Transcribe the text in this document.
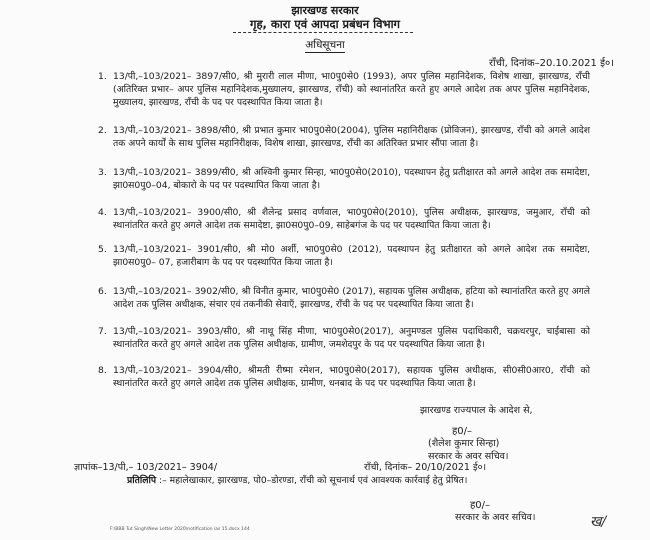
झारखण्ड सरकार
गृह, कारा एवं आपदा प्रबंधन विभाग
अधिसूचना
राँची, दिनांक–20.10.2021 ई०।
1. 13/पी,–103/2021– 3897/सी0, श्री मुरारी लाल मीणा, भा0पु0से0 (1993), अपर पुलिस महानिदेशक, विशेष शाखा, झारखण्ड, राँची (अतिरिक्त प्रभार– अपर पुलिस महानिदेशक,मुख्यालय, झारखण्ड, राँची) को स्थानांतरित करते हुए अगले आदेश तक अपर पुलिस महानिदेशक, मुख्यालय, झारखण्ड, राँची के पद पर पदस्थापित किया जाता है।
2. 13/पी,–103/2021– 3898/सी0, श्री प्रभात कुमार भा0पु0से0(2004), पुलिस महानिरीक्षक (प्रोविजन), झारखण्ड, राँची को अगले आदेश तक अपने कार्यों के साथ पुलिस महानिरीक्षक, विशेष शाखा, झारखण्ड, राँची का अतिरिक्त प्रभार सौंपा जाता है।
3. 13/पी,–103/2021– 3899/सी0, श्री अश्विनी कुमार सिन्हा, भा0पु0से0(2010), पदस्थापन हेतु प्रतीक्षारत को अगले आदेश तक समादेष्टा, झा0स0पु0–04, बोकारो के पद पर पदस्थापित किया जाता है।
4. 13/पी,–103/2021– 3900/सी0, श्री शैलेन्द्र प्रसाद वर्णवाल, भा0पु0से0(2010), पुलिस अधीक्षक, झारखण्ड, जमुआर, राँची को स्थानांतरित करते हुए अगले आदेश तक समादेष्टा, झा0स0पु0–09, साहेबगंज के पद पर पदस्थापित किया जाता है।
5. 13/पी,–103/2021– 3901/सी0, श्री मो0 अर्शी, भा0पु0से0 (2012), पदस्थापन हेतु प्रतीक्षारत को अगले आदेश तक समादेष्टा, झा0स0पु0– 07, हजारीबाग के पद पर पदस्थापित किया जाता है।
6. 13/पी,–103/2021– 3902/सी0, श्री विनीत कुमार, भा0पु0से0 (2017), सहायक पुलिस अधीक्षक, हटिया को स्थानांतरित करते हुए अगले आदेश तक पुलिस अधीक्षक, संचार एवं तकनीकी सेवाएँ, झारखण्ड, राँची के पद पर पदस्थापित किया जाता है।
7. 13/पी,–103/2021– 3903/सी0, श्री नाथू सिंह मीणा, भा0पु0से0(2017), अनुमण्डल पुलिस पदाधिकारी, चक्रधरपुर, चाईबासा को स्थानांतरित करते हुए अगले आदेश तक पुलिस अधीक्षक, ग्रामीण, जमशेदपुर के पद पर पदस्थापित किया जाता है।
8. 13/पी,–103/2021– 3904/सी0, श्रीमती रीष्मा रमेशन, भा0पु0से0(2017), सहायक पुलिस अधीक्षक, सी0सी0आर0, राँची को स्थानांतरित करते हुए अगले आदेश तक पुलिस अधीक्षक, ग्रामीण, धनबाद के पद पर पदस्थापित किया जाता है।
झारखण्ड राज्यपाल के आदेश से,
ह0/–
(शैलेश कुमार सिन्हा)
सरकार के अवर सचिव।
ज्ञापांक–13/पी,– 103/2021– 3904/	राँची, दिनांक– 20/10/2021 ई०।
प्रतिलिपि :– महालेखाकार, झारखण्ड, पो0–डोरण्डा, राँची को सूचनार्थ एवं आवश्यक कार्रवाई हेतु प्रेषित।
ह0/–
सरकार के अवर सचिव।
F:\BBB Tut Singh\New Letter 2020\notification ias 15.docx 144	ख/
